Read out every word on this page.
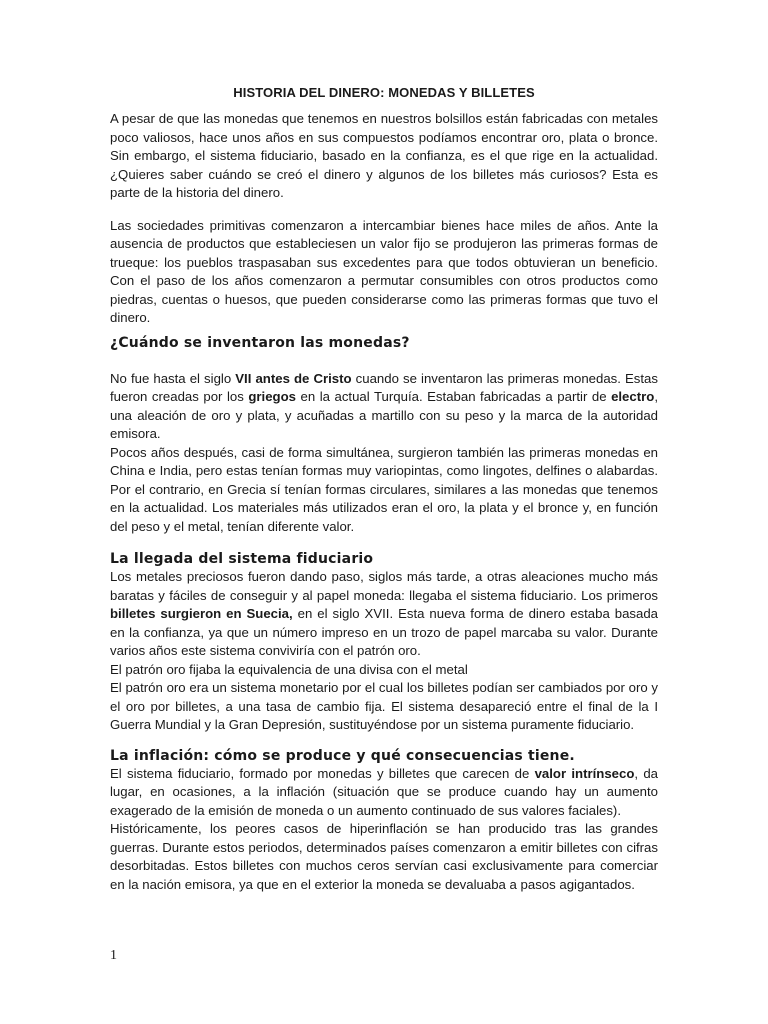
HISTORIA DEL DINERO: MONEDAS Y BILLETES

A pesar de que las monedas que tenemos en nuestros bolsillos están fabricadas con metales poco valiosos, hace unos años en sus compuestos podíamos encontrar oro, plata o bronce. Sin embargo, el sistema fiduciario, basado en la confianza, es el que rige en la actualidad. ¿Quieres saber cuándo se creó el dinero y algunos de los billetes más curiosos? Esta es parte de la historia del dinero.

Las sociedades primitivas comenzaron a intercambiar bienes hace miles de años. Ante la ausencia de productos que estableciesen un valor fijo se produjeron las primeras formas de trueque: los pueblos traspasaban sus excedentes para que todos obtuvieran un beneficio. Con el paso de los años comenzaron a permutar consumibles con otros productos como piedras, cuentas o huesos, que pueden considerarse como las primeras formas que tuvo el dinero.

¿Cuándo se inventaron las monedas?

No fue hasta el siglo VII antes de Cristo cuando se inventaron las primeras monedas. Estas fueron creadas por los griegos en la actual Turquía. Estaban fabricadas a partir de electro, una aleación de oro y plata, y acuñadas a martillo con su peso y la marca de la autoridad emisora.

Pocos años después, casi de forma simultánea, surgieron también las primeras monedas en China e India, pero estas tenían formas muy variopintas, como lingotes, delfines o alabardas. Por el contrario, en Grecia sí tenían formas circulares, similares a las monedas que tenemos en la actualidad. Los materiales más utilizados eran el oro, la plata y el bronce y, en función del peso y el metal, tenían diferente valor.

La llegada del sistema fiduciario

Los metales preciosos fueron dando paso, siglos más tarde, a otras aleaciones mucho más baratas y fáciles de conseguir y al papel moneda: llegaba el sistema fiduciario. Los primeros billetes surgieron en Suecia, en el siglo XVII. Esta nueva forma de dinero estaba basada en la confianza, ya que un número impreso en un trozo de papel marcaba su valor. Durante varios años este sistema conviviría con el patrón oro.

El patrón oro fijaba la equivalencia de una divisa con el metal

El patrón oro era un sistema monetario por el cual los billetes podían ser cambiados por oro y el oro por billetes, a una tasa de cambio fija. El sistema desapareció entre el final de la I Guerra Mundial y la Gran Depresión, sustituyéndose por un sistema puramente fiduciario.

La inflación: cómo se produce y qué consecuencias tiene.

El sistema fiduciario, formado por monedas y billetes que carecen de valor intrínseco, da lugar, en ocasiones, a la inflación (situación que se produce cuando hay un aumento exagerado de la emisión de moneda o un aumento continuado de sus valores faciales).

Históricamente, los peores casos de hiperinflación se han producido tras las grandes guerras. Durante estos periodos, determinados países comenzaron a emitir billetes con cifras desorbitadas. Estos billetes con muchos ceros servían casi exclusivamente para comerciar en la nación emisora, ya que en el exterior la moneda se devaluaba a pasos agigantados.

1
